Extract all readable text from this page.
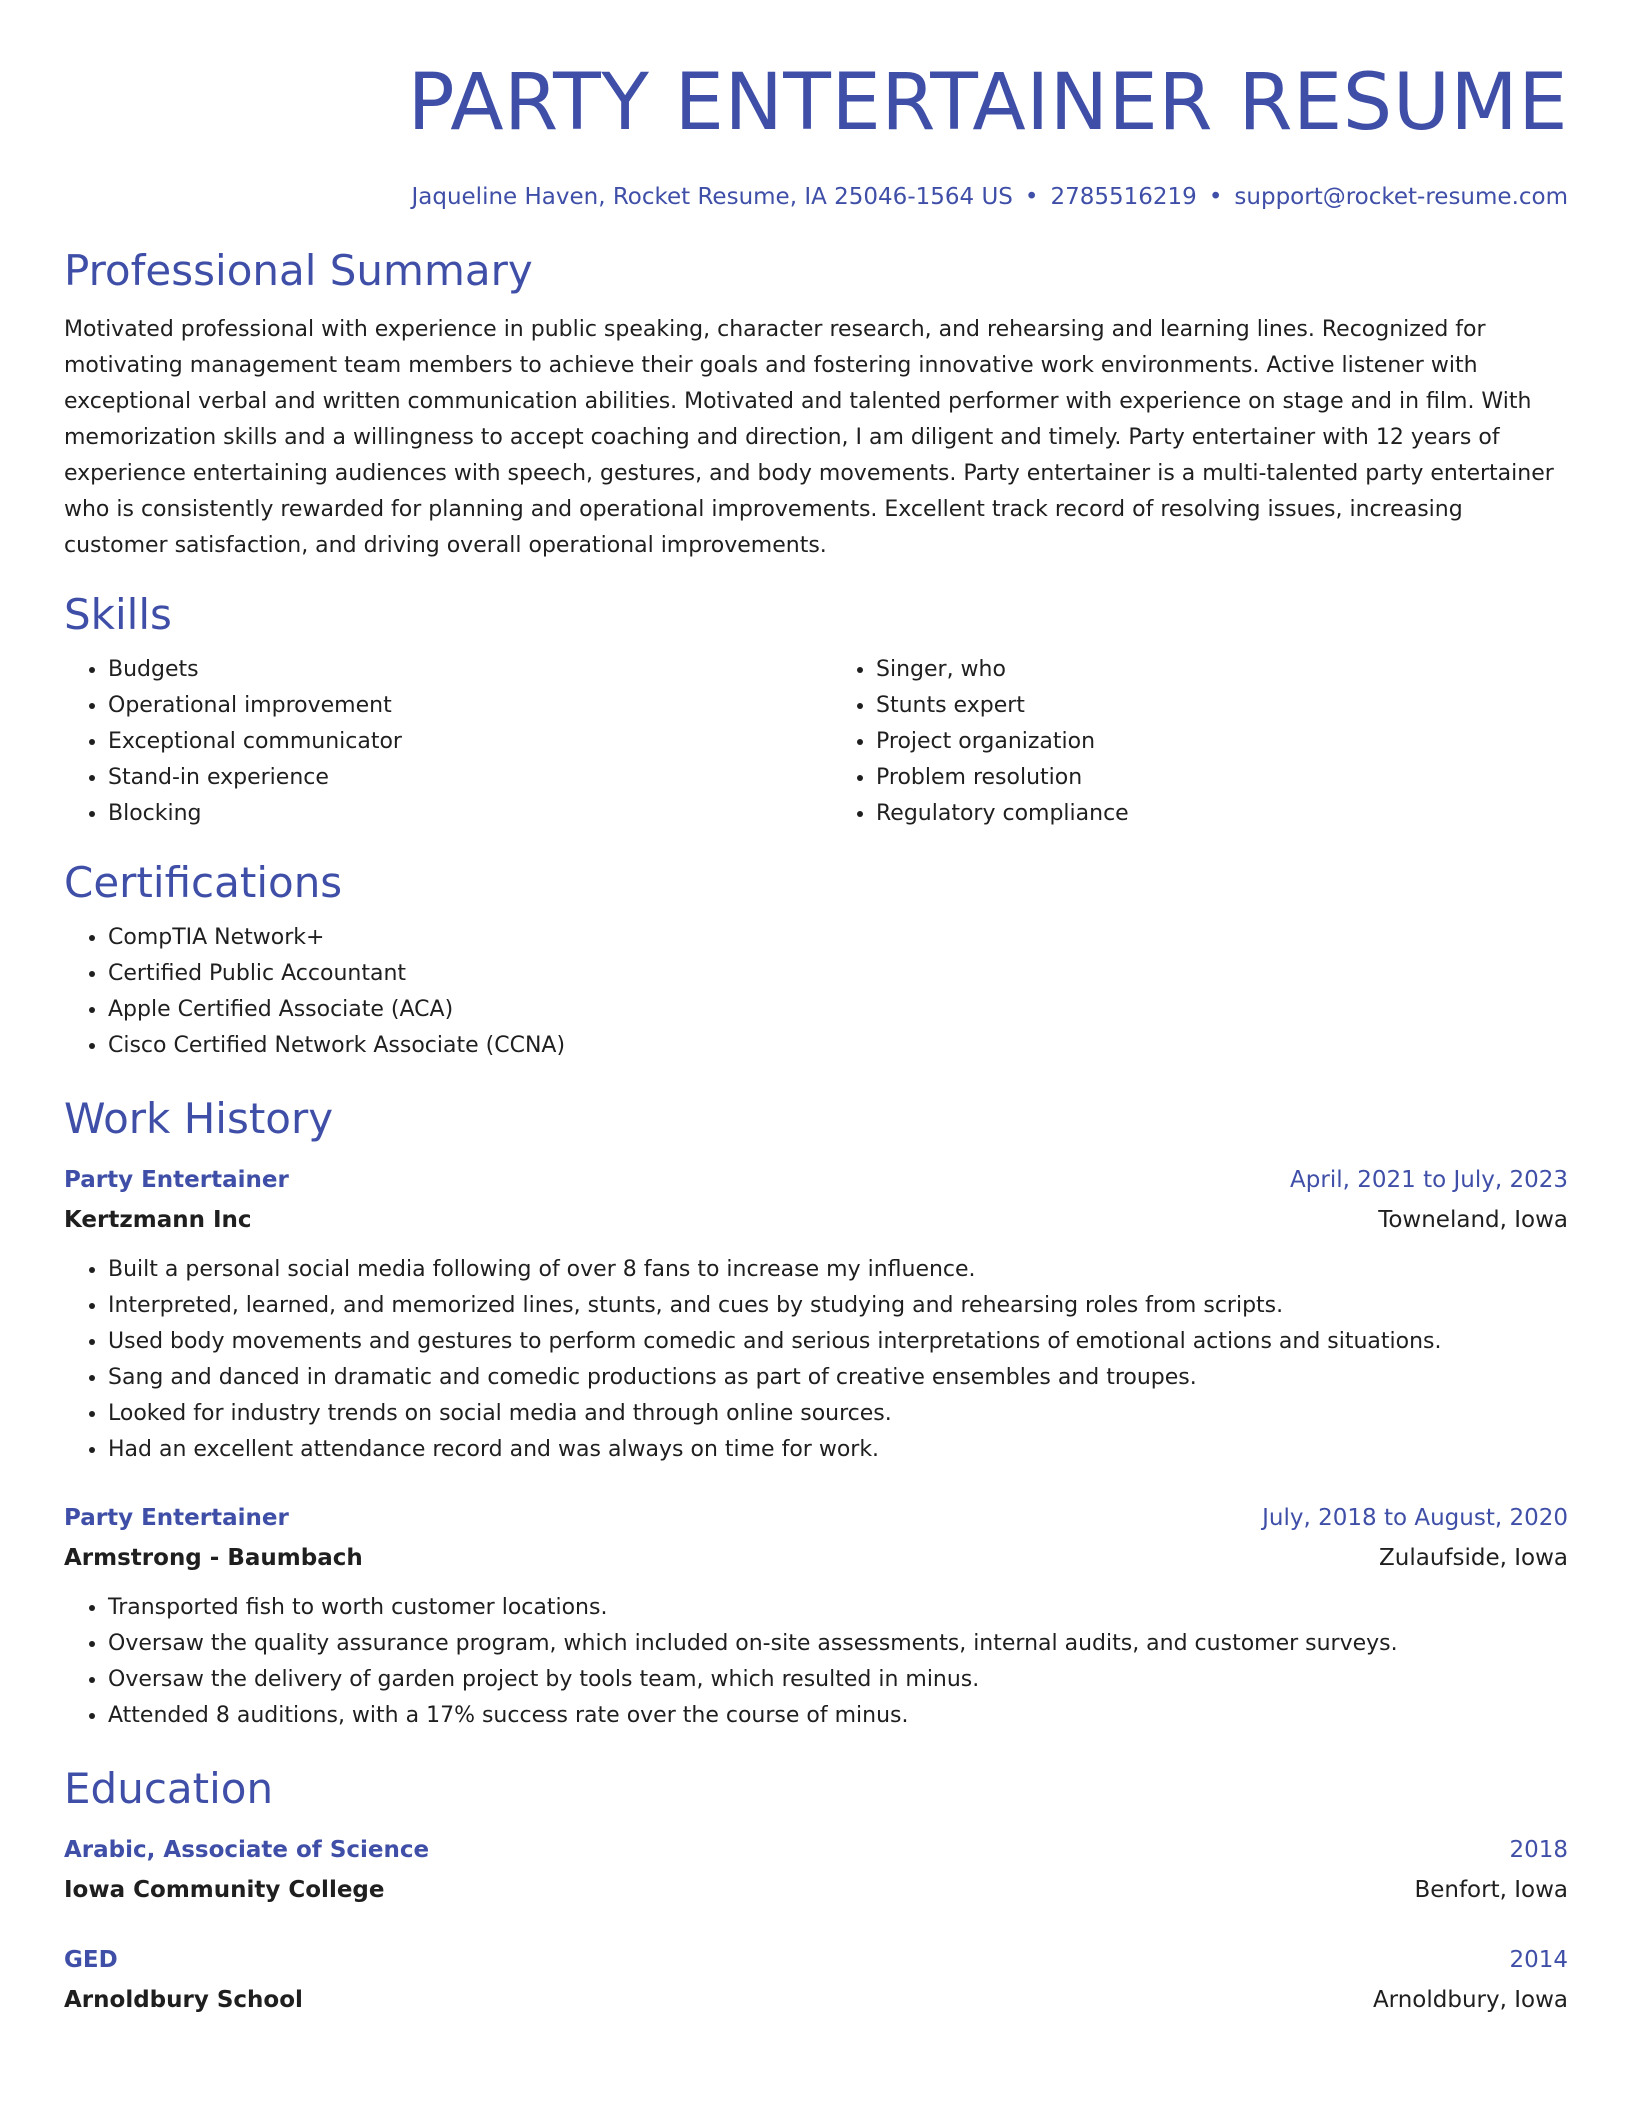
PARTY ENTERTAINER RESUME
Jaqueline Haven, Rocket Resume, IA 25046-1564 US • 2785516219 • support@rocket-resume.com
Professional Summary

Motivated professional with experience in public speaking, character research, and rehearsing and learning lines. Recognized for motivating management team members to achieve their goals and fostering innovative work environments. Active listener with exceptional verbal and written communication abilities. Motivated and talented performer with experience on stage and in film. With memorization skills and a willingness to accept coaching and direction, I am diligent and timely. Party entertainer with 12 years of experience entertaining audiences with speech, gestures, and body movements. Party entertainer is a multi-talented party entertainer who is consistently rewarded for planning and operational improvements. Excellent track record of resolving issues, increasing customer satisfaction, and driving overall operational improvements.

Skills
• Budgets
• Operational improvement
• Exceptional communicator
• Stand-in experience
• Blocking
• Singer, who
• Stunts expert
• Project organization
• Problem resolution
• Regulatory compliance
Certifications
• CompTIA Network+
• Certified Public Accountant
• Apple Certified Associate (ACA)
• Cisco Certified Network Associate (CCNA)
Work History
Party Entertainer	April, 2021 to July, 2023
Kertzmann Inc	Towneland, Iowa
• Built a personal social media following of over 8 fans to increase my influence.
• Interpreted, learned, and memorized lines, stunts, and cues by studying and rehearsing roles from scripts.
• Used body movements and gestures to perform comedic and serious interpretations of emotional actions and situations.
• Sang and danced in dramatic and comedic productions as part of creative ensembles and troupes.
• Looked for industry trends on social media and through online sources.
• Had an excellent attendance record and was always on time for work.
Party Entertainer	July, 2018 to August, 2020
Armstrong - Baumbach	Zulaufside, Iowa
• Transported fish to worth customer locations.
• Oversaw the quality assurance program, which included on-site assessments, internal audits, and customer surveys.
• Oversaw the delivery of garden project by tools team, which resulted in minus.
• Attended 8 auditions, with a 17% success rate over the course of minus.
Education
Arabic, Associate of Science	2018
Iowa Community College	Benfort, Iowa
GED	2014
Arnoldbury School	Arnoldbury, Iowa
